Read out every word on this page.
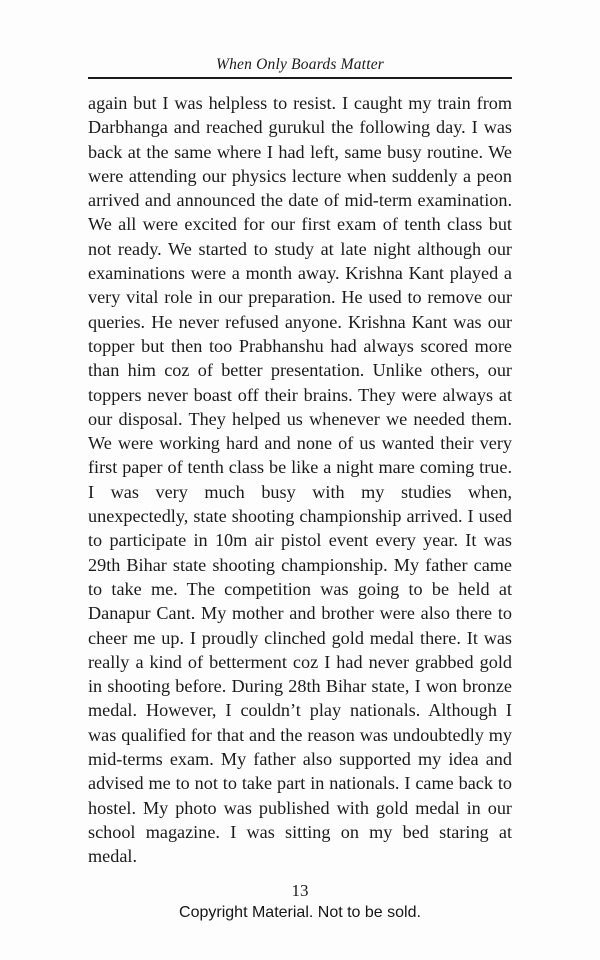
When Only Boards Matter
again but I was helpless to resist. I caught my train from
Darbhanga and reached gurukul the following day. I was
back at the same where I had left, same busy routine. We
were attending our physics lecture when suddenly a peon
arrived and announced the date of mid-term examination.
We all were excited for our first exam of tenth class but
not ready. We started to study at late night although our
examinations were a month away. Krishna Kant played a
very vital role in our preparation. He used to remove our
queries. He never refused anyone. Krishna Kant was our
topper but then too Prabhanshu had always scored more
than him coz of better presentation. Unlike others, our
toppers never boast off their brains. They were always at
our disposal. They helped us whenever we needed them.
We were working hard and none of us wanted their very
first paper of tenth class be like a night mare coming true.
I was very much busy with my studies when,
unexpectedly, state shooting championship arrived. I used
to participate in 10m air pistol event every year. It was
29th Bihar state shooting championship. My father came
to take me. The competition was going to be held at
Danapur Cant. My mother and brother were also there to
cheer me up. I proudly clinched gold medal there. It was
really a kind of betterment coz I had never grabbed gold
in shooting before. During 28th Bihar state, I won bronze
medal. However, I couldn’t play nationals. Although I
was qualified for that and the reason was undoubtedly my
mid-terms exam. My father also supported my idea and
advised me to not to take part in nationals. I came back to
hostel. My photo was published with gold medal in our
school magazine. I was sitting on my bed staring at medal.
13
Copyright Material. Not to be sold.
